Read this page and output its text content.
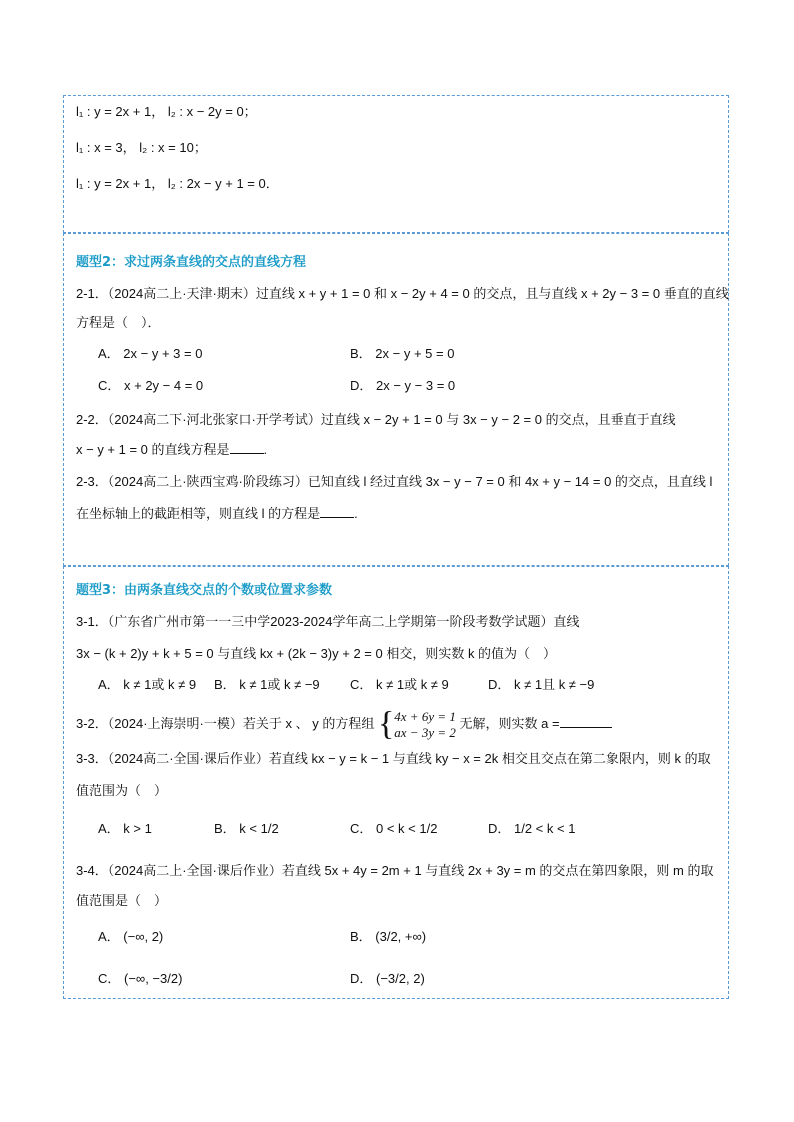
l₁ : y = 2x + 1， l₂ : x − 2y = 0；
l₁ : x = 3， l₂ : x = 10；
l₁ : y = 2x + 1， l₂ : 2x − y + 1 = 0．
题型2：求过两条直线的交点的直线方程
2-1．（2024高二上·天津·期末）过直线 x + y + 1 = 0 和 x − 2y + 4 = 0 的交点，且与直线 x + 2y − 3 = 0 垂直的直线
方程是（　）．
A． 2x − y + 3 = 0	B． 2x − y + 5 = 0
C． x + 2y − 4 = 0	D． 2x − y − 3 = 0
2-2．（2024高二下·河北张家口·开学考试）过直线 x − 2y + 1 = 0 与 3x − y − 2 = 0 的交点，且垂直于直线
x − y + 1 = 0 的直线方程是	.
2-3．（2024高二上·陕西宝鸡·阶段练习）已知直线 l 经过直线 3x − y − 7 = 0 和 4x + y − 14 = 0 的交点，且直线 l
在坐标轴上的截距相等，则直线 l 的方程是	.
题型3：由两条直线交点的个数或位置求参数
3-1．（广东省广州市第一一三中学2023-2024学年高二上学期第一阶段考数学试题）直线
3x − (k + 2)y + k + 5 = 0 与直线 kx + (2k − 3)y + 2 = 0 相交，则实数 k 的值为（　）
A． k ≠ 1或 k ≠ 9 B． k ≠ 1或 k ≠ −9 C． k ≠ 1或 k ≠ 9	D． k ≠ 1且 k ≠ −9
3-2．（2024·上海崇明·一模）若关于 x 、 y 的方程组 {4x + 6y = 1
ax − 3y = 2 无解，则实数 a =
3-3．（2024高二·全国·课后作业）若直线 kx − y = k − 1 与直线 ky − x = 2k 相交且交点在第二象限内，则 k 的取
值范围为（　）
A． k > 1	B． k < 1/2	C． 0 < k < 1/2	D． 1/2 < k < 1
3-4．（2024高二上·全国·课后作业）若直线 5x + 4y = 2m + 1 与直线 2x + 3y = m 的交点在第四象限，则 m 的取
值范围是（　）
A． (−∞, 2)	B． (3/2, +∞)
C． (−∞, −3/2)	D． (−3/2, 2)
